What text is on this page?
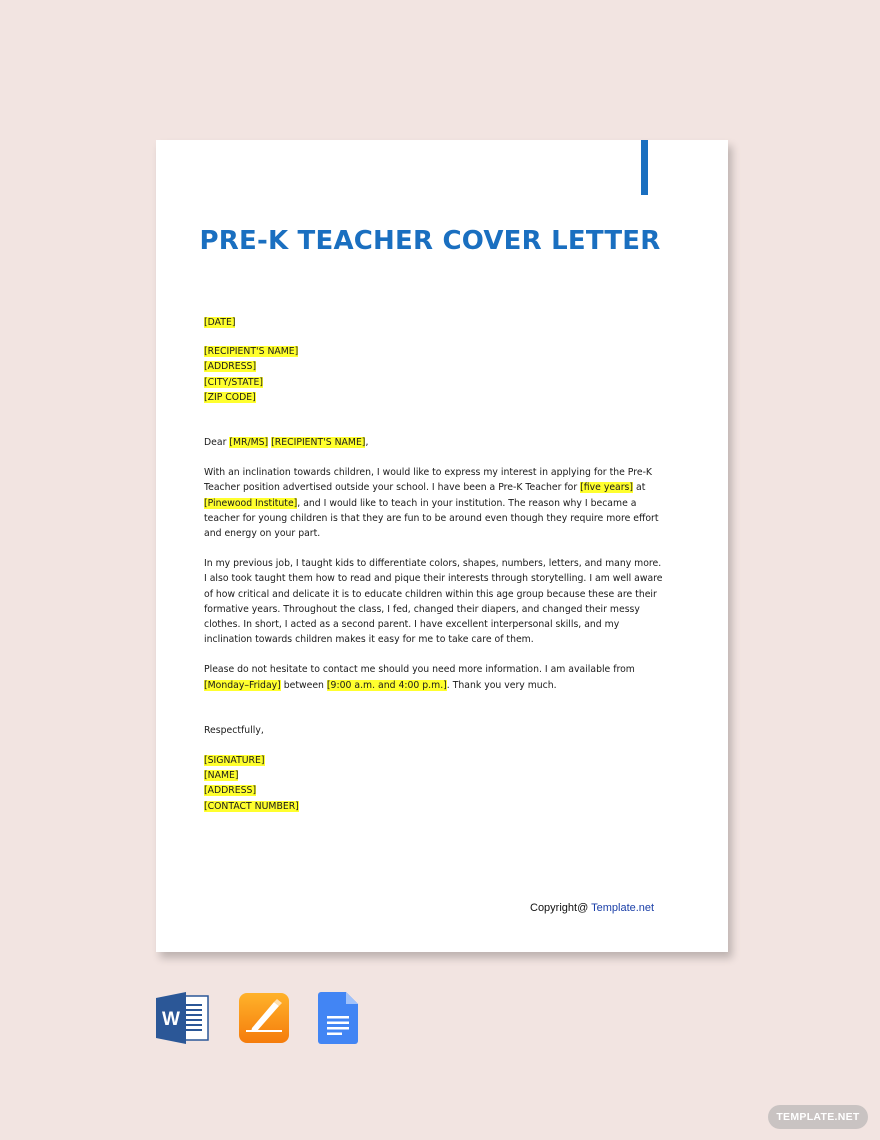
PRE-K TEACHER COVER LETTER

[DATE]

[RECIPIENT'S NAME]

[ADDRESS]

[CITY/STATE]

[ZIP CODE]

Dear [MR/MS] [RECIPIENT'S NAME],

With an inclination towards children, I would like to express my interest in applying for the Pre-K Teacher position advertised outside your school. I have been a Pre-K Teacher for [five years] at [Pinewood Institute], and I would like to teach in your institution. The reason why I became a teacher for young children is that they are fun to be around even though they require more effort and energy on your part.

In my previous job, I taught kids to differentiate colors, shapes, numbers, letters, and many more. I also took taught them how to read and pique their interests through storytelling. I am well aware of how critical and delicate it is to educate children within this age group because these are their formative years. Throughout the class, I fed, changed their diapers, and changed their messy clothes. In short, I acted as a second parent. I have excellent interpersonal skills, and my inclination towards children makes it easy for me to take care of them.

Please do not hesitate to contact me should you need more information. I am available from [Monday–Friday] between [9:00 a.m. and 4:00 p.m.]. Thank you very much.

Respectfully,

[SIGNATURE]

[NAME]

[ADDRESS]

[CONTACT NUMBER]

Copyright@ Template.net
W
TEMPLATE.NET
